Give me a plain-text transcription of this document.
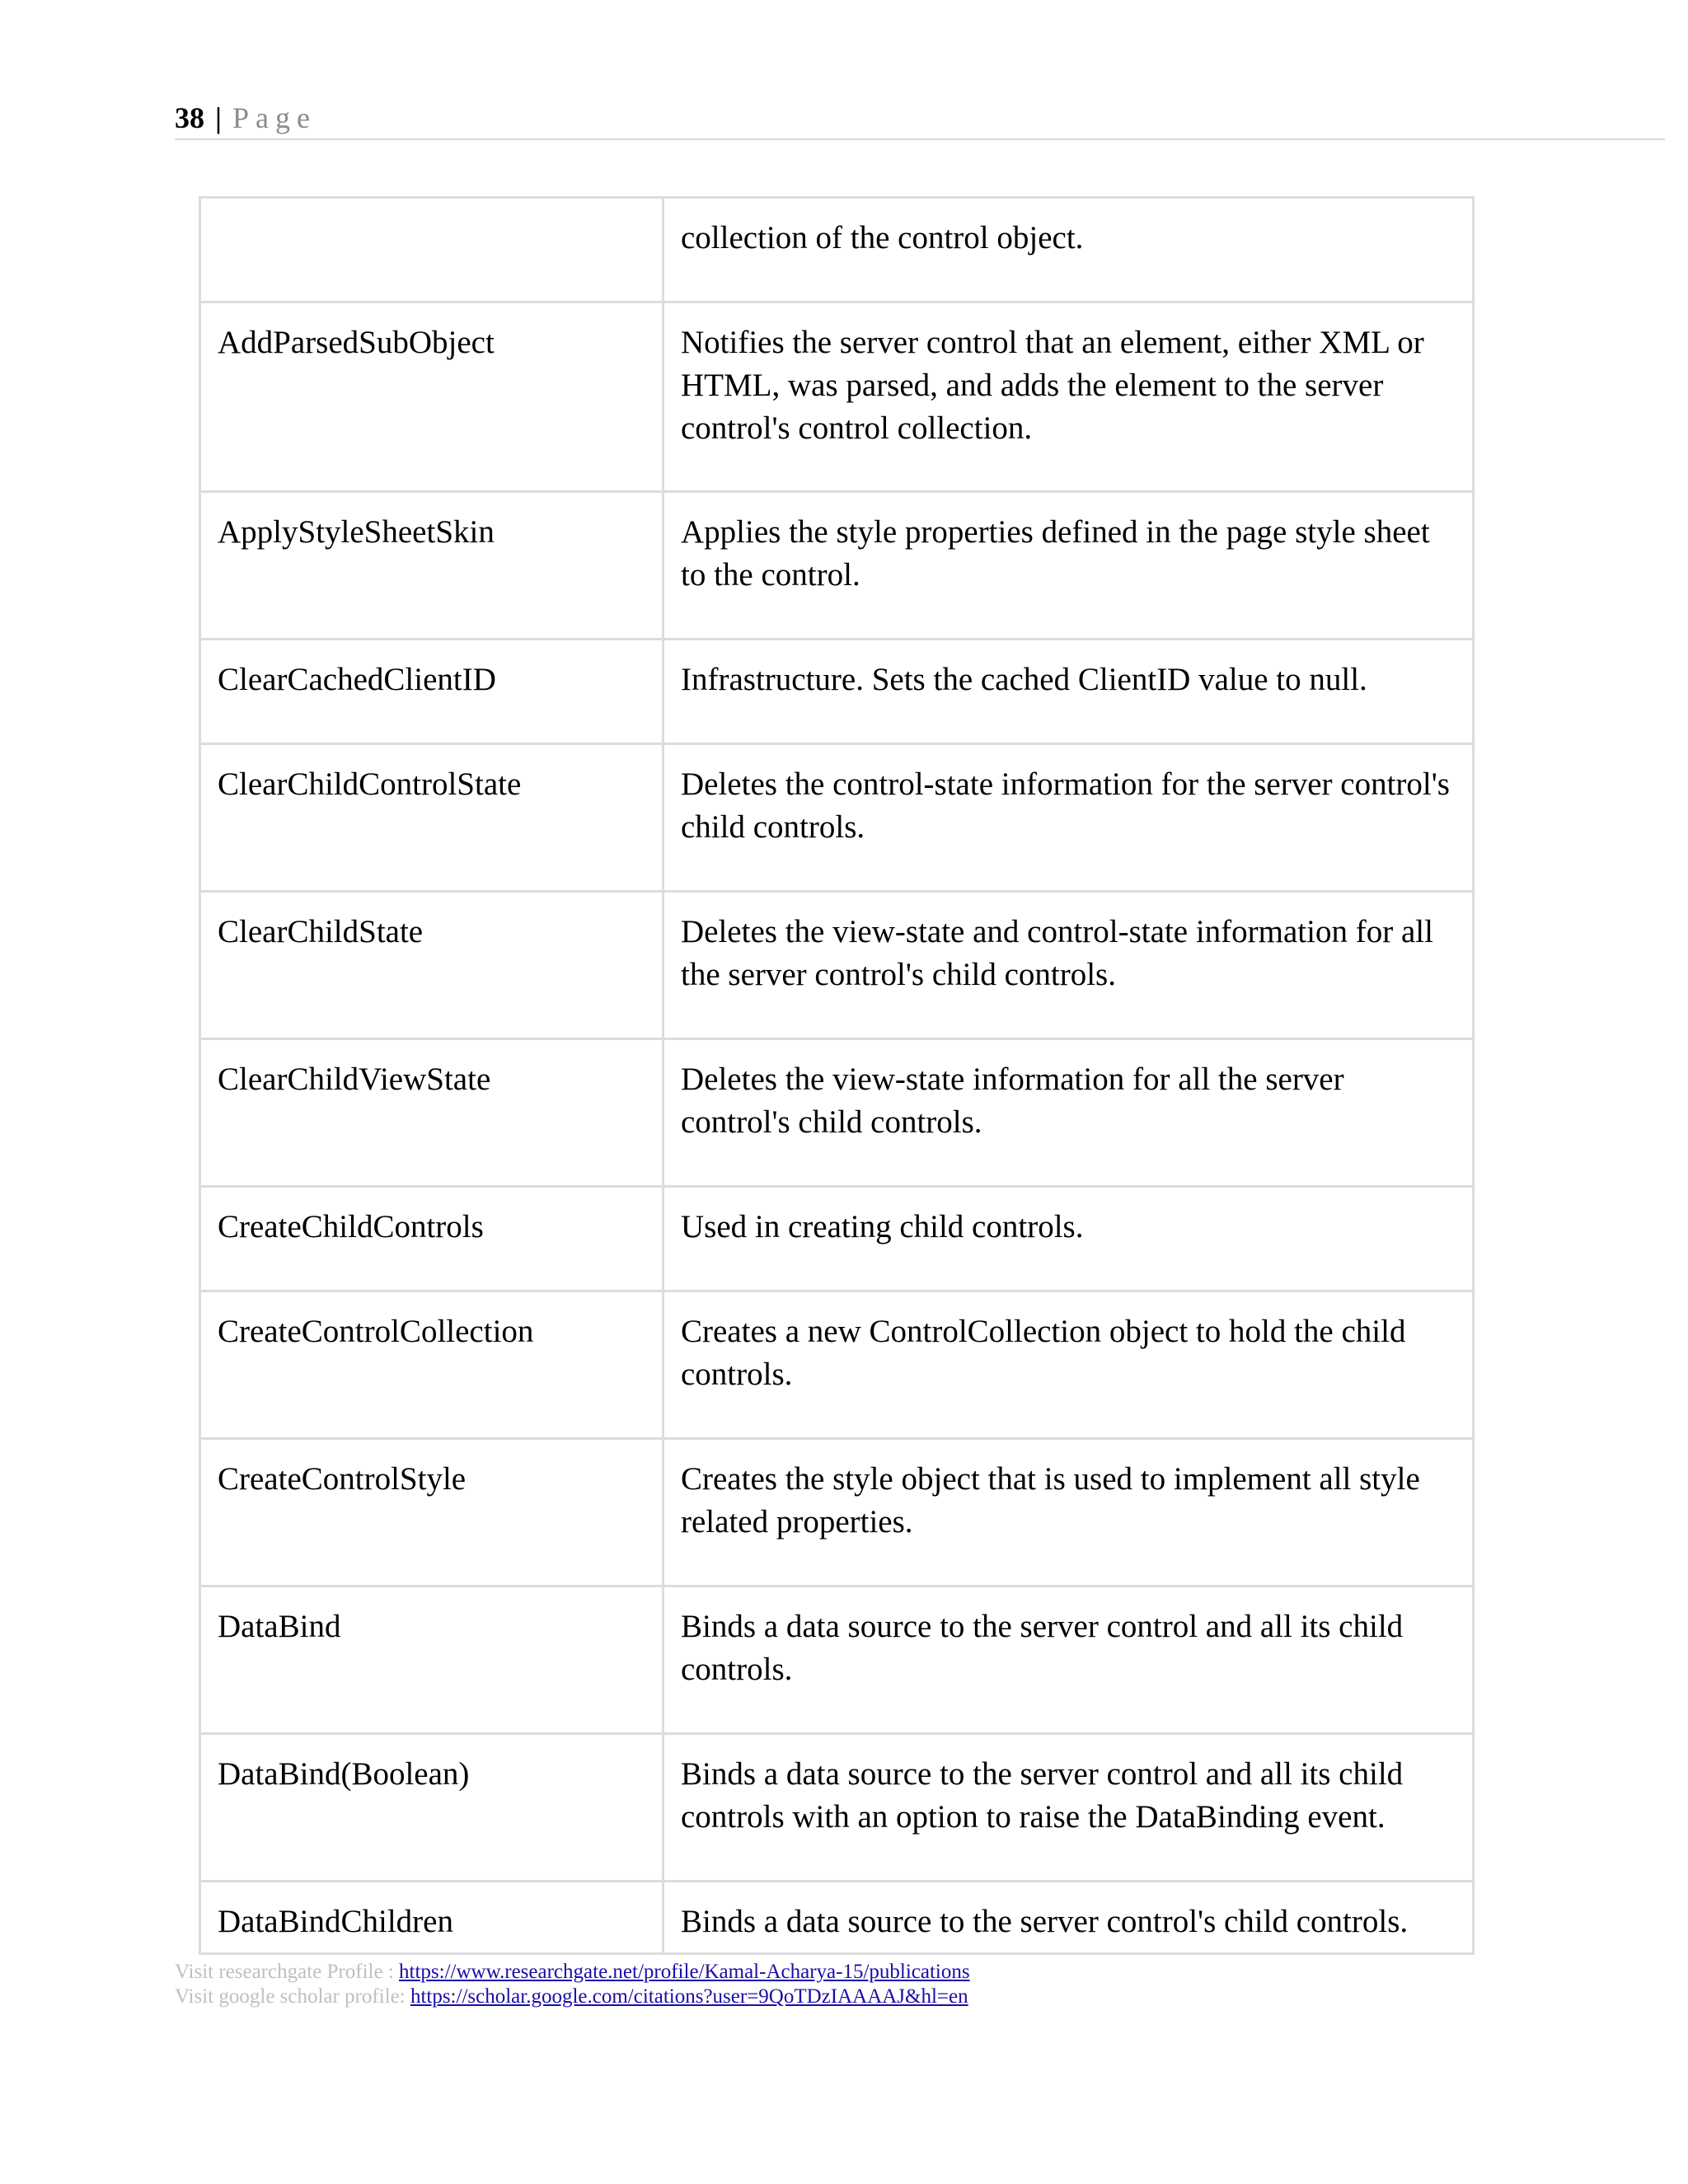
38 | Page
	collection of the control object.
AddParsedSubObject	Notifies the server control that an element, either XML or HTML, was parsed, and adds the element to the server control's control collection.
ApplyStyleSheetSkin	Applies the style properties defined in the page style sheet to the control.
ClearCachedClientID	Infrastructure. Sets the cached ClientID value to null.
ClearChildControlState	Deletes the control-state information for the server control's child controls.
ClearChildState	Deletes the view-state and control-state information for all the server control's child controls.
ClearChildViewState	Deletes the view-state information for all the server control's child controls.
CreateChildControls	Used in creating child controls.
CreateControlCollection	Creates a new ControlCollection object to hold the child controls.
CreateControlStyle	Creates the style object that is used to implement all style related properties.
DataBind	Binds a data source to the server control and all its child controls.
DataBind(Boolean)	Binds a data source to the server control and all its child controls with an option to raise the DataBinding event.
DataBindChildren	Binds a data source to the server control's child controls.
Visit researchgate Profile : https://www.researchgate.net/profile/Kamal-Acharya-15/publications
Visit google scholar profile: https://scholar.google.com/citations?user=9QoTDzIAAAAJ&hl=en
